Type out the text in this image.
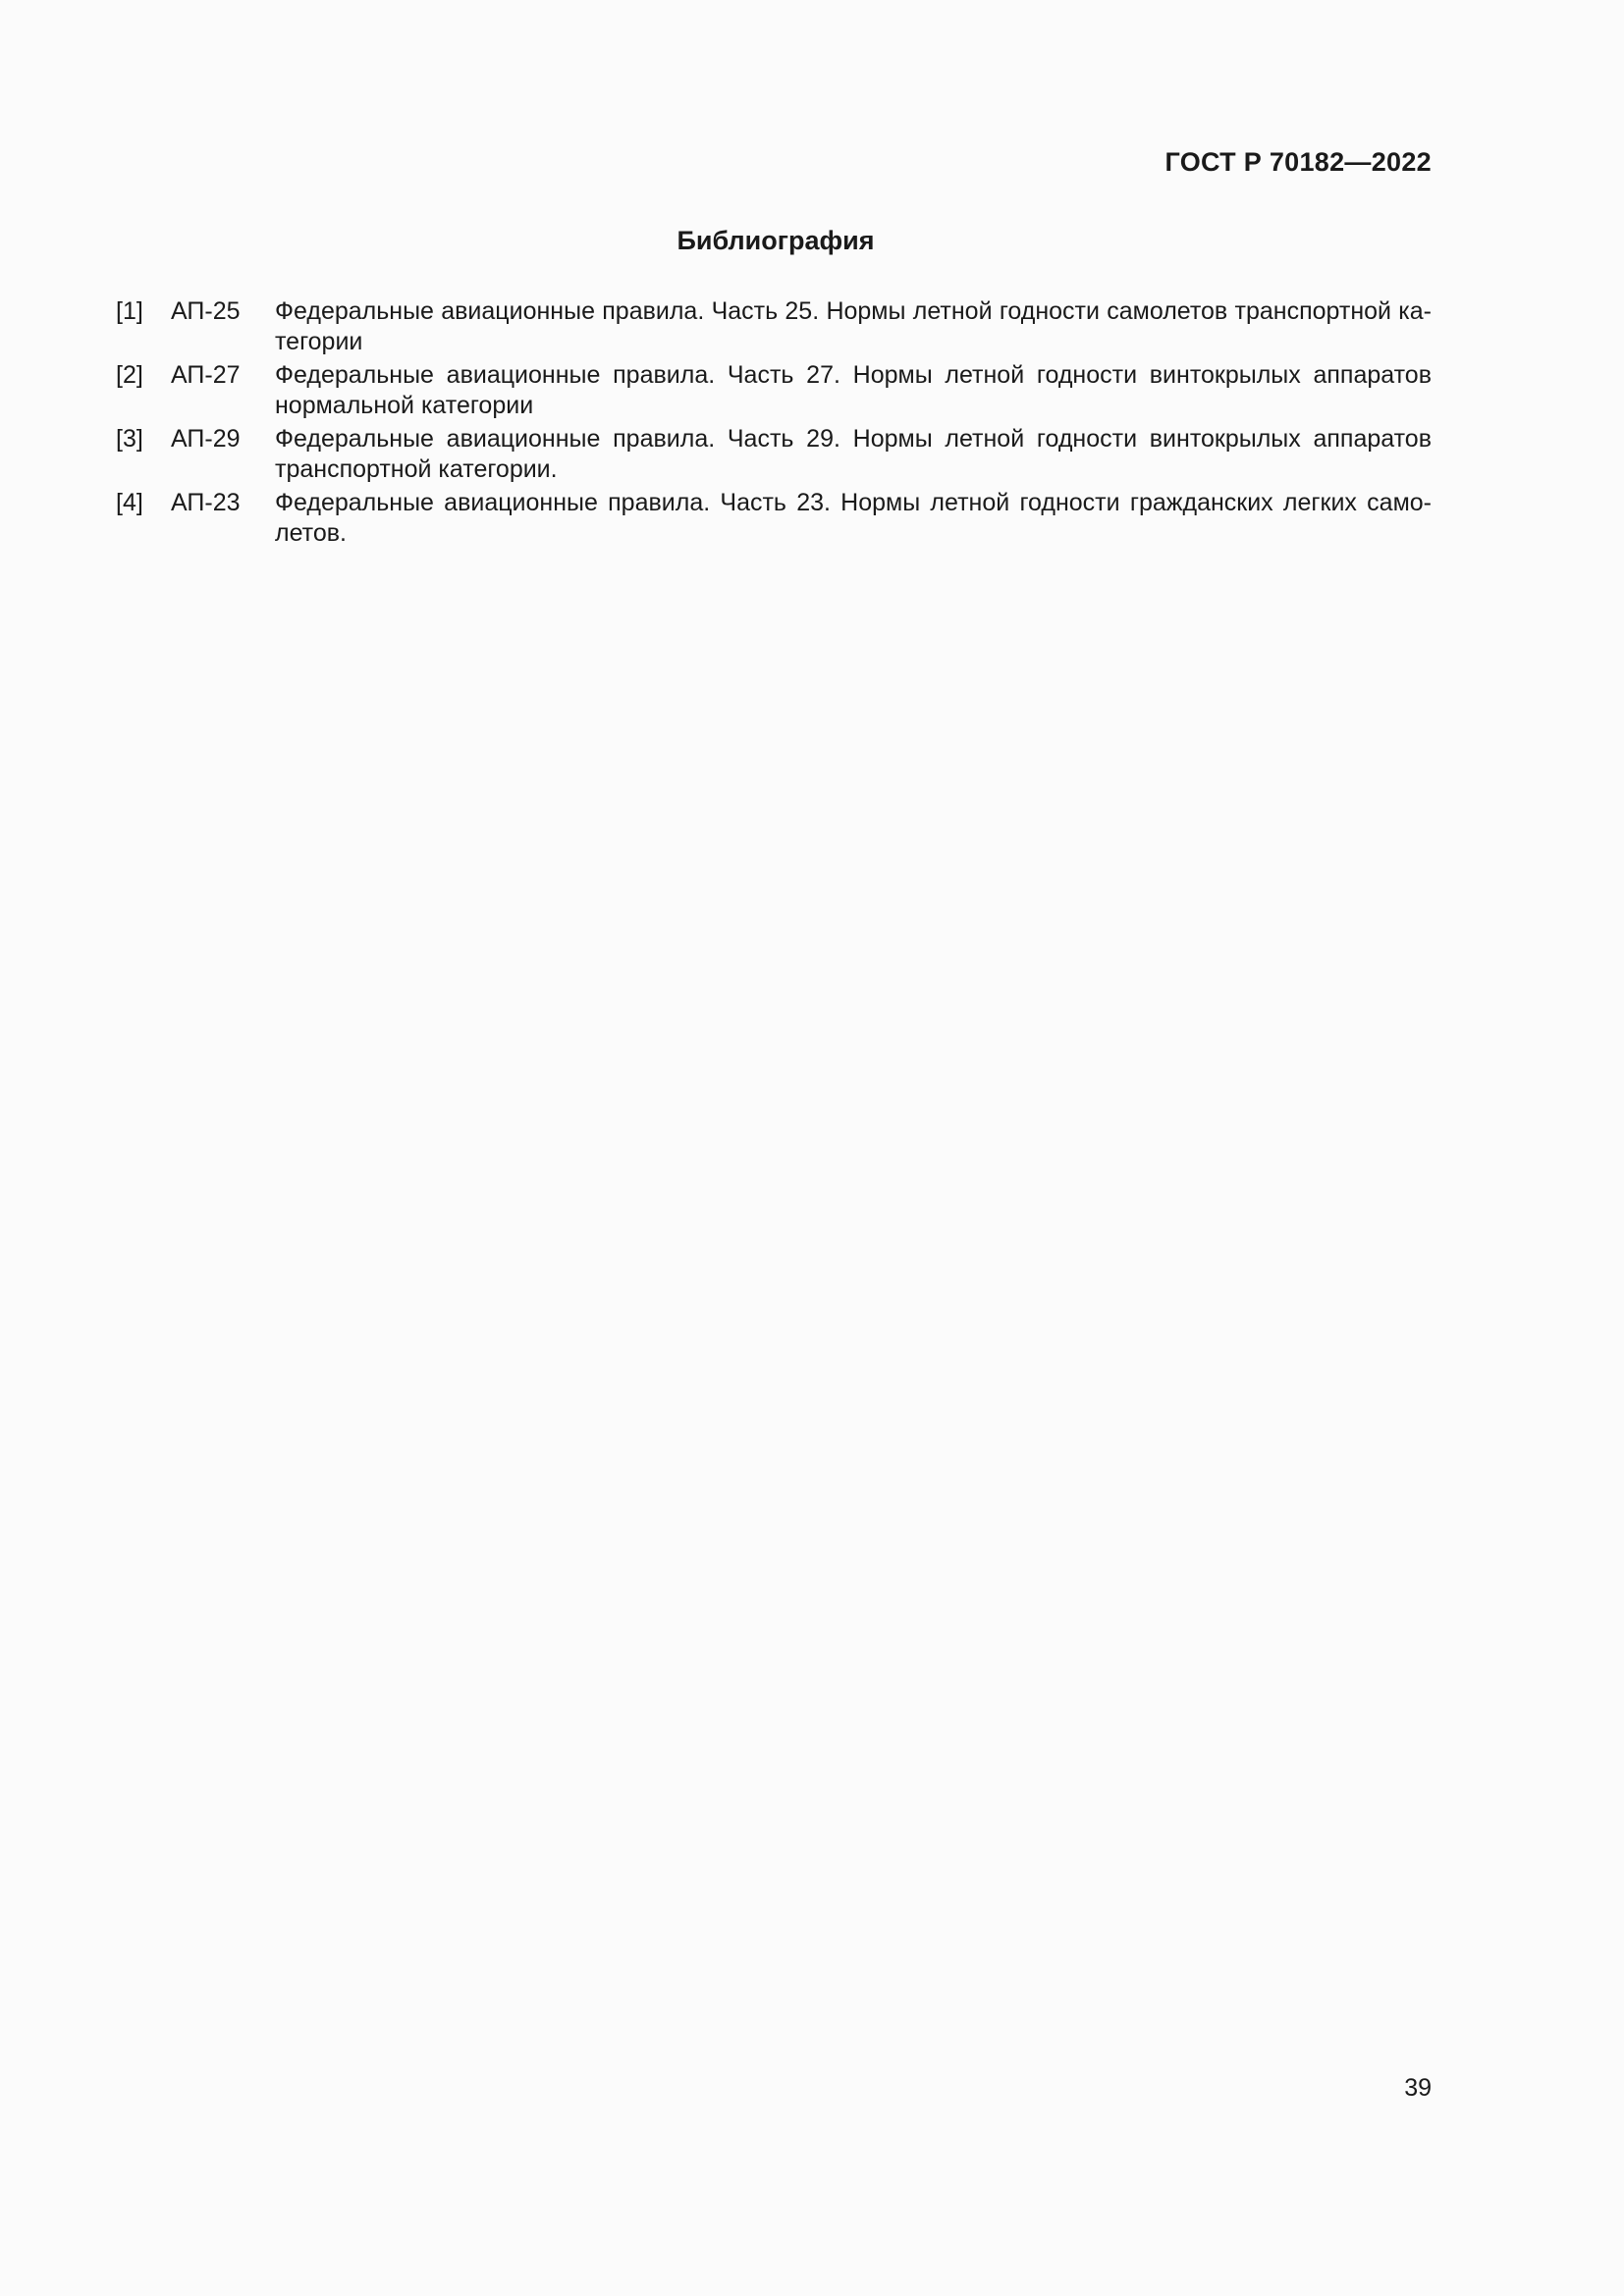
ГОСТ Р 70182—2022
Библиография
[1]	АП-25	Федеральные авиационные правила. Часть 25. Нормы летной годности самолетов транспортной ка-тегории
[2]	АП-27	Федеральные авиационные правила. Часть 27. Нормы летной годности винтокрылых аппаратов нормальной категории
[3]	АП-29	Федеральные авиационные правила. Часть 29. Нормы летной годности винтокрылых аппаратов транспортной категории.
[4]	АП-23	Федеральные авиационные правила. Часть 23. Нормы летной годности гражданских легких само-летов.
39
